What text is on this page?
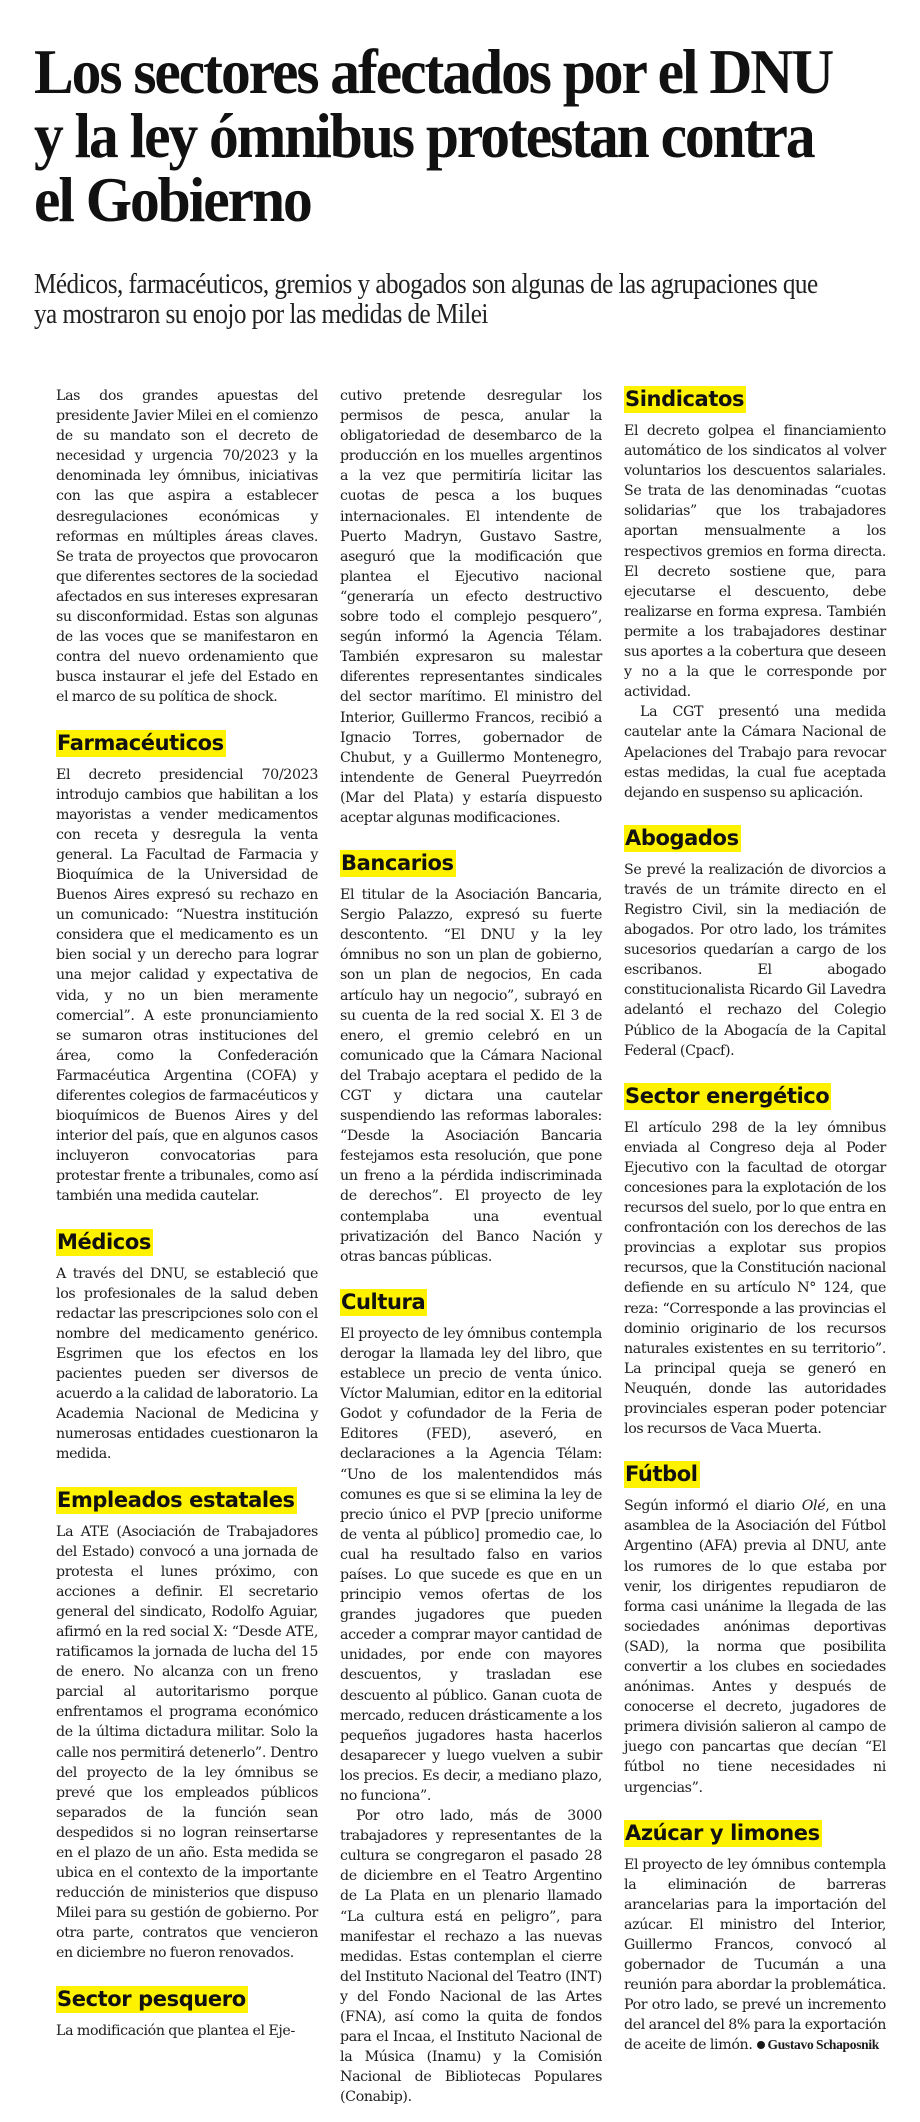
Los sectores afectados por el DNU y la ley ómnibus protestan contra el Gobierno

Médicos, farmacéuticos, gremios y abogados son algunas de las agrupaciones que ya mostraron su enojo por las medidas de Milei

Las dos grandes apuestas del presidente Javier Milei en el comienzo de su mandato son el decreto de necesidad y urgencia 70/2023 y la denominada ley ómnibus, iniciativas con las que aspira a establecer desregulaciones económicas y reformas en múltiples áreas claves. Se trata de proyectos que provocaron que diferentes sectores de la sociedad afectados en sus intereses expresaran su disconformidad. Estas son algunas de las voces que se manifestaron en contra del nuevo ordenamiento que busca instaurar el jefe del Estado en el marco de su política de shock.

Farmacéuticos

El decreto presidencial 70/2023 introdujo cambios que habilitan a los mayoristas a vender medicamentos con receta y desregula la venta general. La Facultad de Farmacia y Bioquímica de la Universidad de Buenos Aires expresó su rechazo en un comunicado: “Nuestra institución considera que el medicamento es un bien social y un derecho para lograr una mejor calidad y expectativa de vida, y no un bien meramente comercial”. A este pronunciamiento se sumaron otras instituciones del área, como la Confederación Farmacéutica Argentina (COFA) y diferentes colegios de farmacéuticos y bioquímicos de Buenos Aires y del interior del país, que en algunos casos incluyeron convocatorias para protestar frente a tribunales, como así también una medida cautelar.

Médicos

A través del DNU, se estableció que los profesionales de la salud deben redactar las prescripciones solo con el nombre del medicamento genérico. Esgrimen que los efectos en los pacientes pueden ser diversos de acuerdo a la calidad de laboratorio. La Academia Nacional de Medicina y numerosas entidades cuestionaron la medida.

Empleados estatales

La ATE (Asociación de Trabajadores del Estado) convocó a una jornada de protesta el lunes próximo, con acciones a definir. El secretario general del sindicato, Rodolfo Aguiar, afirmó en la red social X: “Desde ATE, ratificamos la jornada de lucha del 15 de enero. No alcanza con un freno parcial al autoritarismo porque enfrentamos el programa económico de la última dictadura militar. Solo la calle nos permitirá detenerlo”. Dentro del proyecto de la ley ómnibus se prevé que los empleados públicos separados de la función sean despedidos si no logran reinsertarse en el plazo de un año. Esta medida se ubica en el contexto de la importante reducción de ministerios que dispuso Milei para su gestión de gobierno. Por otra parte, contratos que vencieron en diciembre no fueron renovados.

Sector pesquero

La modificación que plantea el Eje-

cutivo pretende desregular los permisos de pesca, anular la obligatoriedad de desembarco de la producción en los muelles argentinos a la vez que permitiría licitar las cuotas de pesca a los buques internacionales. El intendente de Puerto Madryn, Gustavo Sastre, aseguró que la modificación que plantea el Ejecutivo nacional “generaría un efecto destructivo sobre todo el complejo pesquero”, según informó la Agencia Télam. También expresaron su malestar diferentes representantes sindicales del sector marítimo. El ministro del Interior, Guillermo Francos, recibió a Ignacio Torres, gobernador de Chubut, y a Guillermo Montenegro, intendente de General Pueyrredón (Mar del Plata) y estaría dispuesto aceptar algunas modificaciones.

Bancarios

El titular de la Asociación Bancaria, Sergio Palazzo, expresó su fuerte descontento. “El DNU y la ley ómnibus no son un plan de gobierno, son un plan de negocios, En cada artículo hay un negocio”, subrayó en su cuenta de la red social X. El 3 de enero, el gremio celebró en un comunicado que la Cámara Nacional del Trabajo aceptara el pedido de la CGT y dictara una cautelar suspendiendo las reformas laborales: “Desde la Asociación Bancaria festejamos esta resolución, que pone un freno a la pérdida indiscriminada de derechos”. El proyecto de ley contemplaba una eventual privatización del Banco Nación y otras bancas públicas.

Cultura

El proyecto de ley ómnibus contempla derogar la llamada ley del libro, que establece un precio de venta único. Víctor Malumian, editor en la editorial Godot y cofundador de la Feria de Editores (FED), aseveró, en declaraciones a la Agencia Télam: “Uno de los malentendidos más comunes es que si se elimina la ley de precio único el PVP [precio uniforme de venta al público] promedio cae, lo cual ha resultado falso en varios países. Lo que sucede es que en un principio vemos ofertas de los grandes jugadores que pueden acceder a comprar mayor cantidad de unidades, por ende con mayores descuentos, y trasladan ese descuento al público. Ganan cuota de mercado, reducen drásticamente a los pequeños jugadores hasta hacerlos desaparecer y luego vuelven a subir los precios. Es decir, a mediano plazo, no funciona”.

Por otro lado, más de 3000 trabajadores y representantes de la cultura se congregaron el pasado 28 de diciembre en el Teatro Argentino de La Plata en un plenario llamado “La cultura está en peligro”, para manifestar el rechazo a las nuevas medidas. Estas contemplan el cierre del Instituto Nacional del Teatro (INT) y del Fondo Nacional de las Artes (FNA), así como la quita de fondos para el Incaa, el Instituto Nacional de la Música (Inamu) y la Comisión Nacional de Bibliotecas Populares (Conabip).

Sindicatos

El decreto golpea el financiamiento automático de los sindicatos al volver voluntarios los descuentos salariales. Se trata de las denominadas “cuotas solidarias” que los trabajadores aportan mensualmente a los respectivos gremios en forma directa. El decreto sostiene que, para ejecutarse el descuento, debe realizarse en forma expresa. También permite a los trabajadores destinar sus aportes a la cobertura que deseen y no a la que le corresponde por actividad.

La CGT presentó una medida cautelar ante la Cámara Nacional de Apelaciones del Trabajo para revocar estas medidas, la cual fue aceptada dejando en suspenso su aplicación.

Abogados

Se prevé la realización de divorcios a través de un trámite directo en el Registro Civil, sin la mediación de abogados. Por otro lado, los trámites sucesorios quedarían a cargo de los escribanos. El abogado constitucionalista Ricardo Gil Lavedra adelantó el rechazo del Colegio Público de la Abogacía de la Capital Federal (Cpacf).

Sector energético

El artículo 298 de la ley ómnibus enviada al Congreso deja al Poder Ejecutivo con la facultad de otorgar concesiones para la explotación de los recursos del suelo, por lo que entra en confrontación con los derechos de las provincias a explotar sus propios recursos, que la Constitución nacional defiende en su artículo N° 124, que reza: “Corresponde a las provincias el dominio originario de los recursos naturales existentes en su territorio”. La principal queja se generó en Neuquén, donde las autoridades provinciales esperan poder potenciar los recursos de Vaca Muerta.

Fútbol

Según informó el diario Olé, en una asamblea de la Asociación del Fútbol Argentino (AFA) previa al DNU, ante los rumores de lo que estaba por venir, los dirigentes repudiaron de forma casi unánime la llegada de las sociedades anónimas deportivas (SAD), la norma que posibilita convertir a los clubes en sociedades anónimas. Antes y después de conocerse el decreto, jugadores de primera división salieron al campo de juego con pancartas que decían “El fútbol no tiene necesidades ni urgencias”.

Azúcar y limones

El proyecto de ley ómnibus contempla la eliminación de barreras arancelarias para la importación del azúcar. El ministro del Interior, Guillermo Francos, convocó al gobernador de Tucumán a una reunión para abordar la problemática. Por otro lado, se prevé un incremento del arancel del 8% para la exportación de aceite de limón. Gustavo Schaposnik
